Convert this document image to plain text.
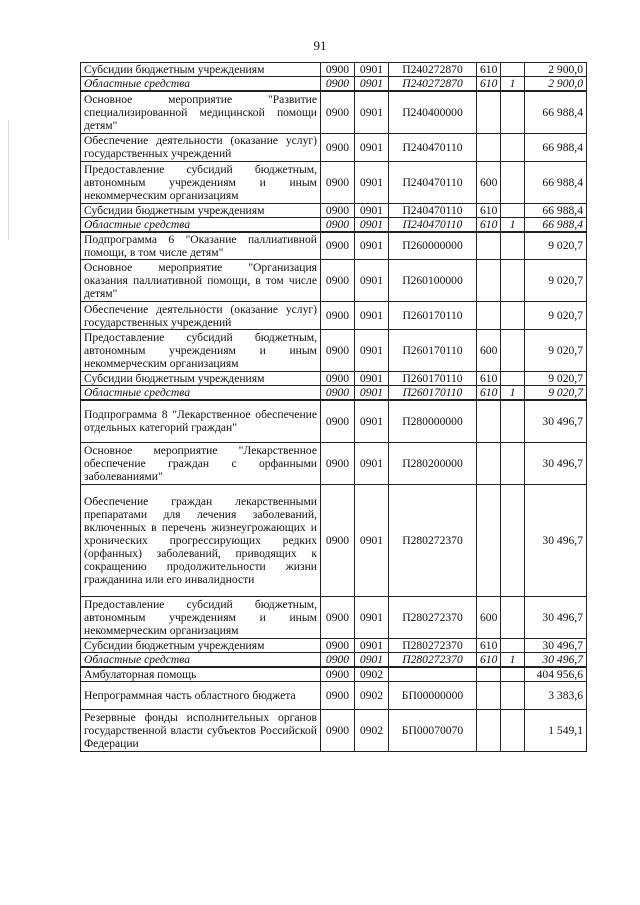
91
Субсидии бюджетным учреждениям	0900	0901	П240272870	610		2 900,0
Областные средства	0900	0901	П240272870	610	1	2 900,0
Основное мероприятие "Развитие специализированной медицинской помощи детям"	0900	0901	П240400000			66 988,4
Обеспечение деятельности (оказание услуг) государственных учреждений	0900	0901	П240470110			66 988,4
Предоставление субсидий бюджетным, автономным учреждениям и иным некоммерческим организациям	0900	0901	П240470110	600		66 988,4
Субсидии бюджетным учреждениям	0900	0901	П240470110	610		66 988,4
Областные средства	0900	0901	П240470110	610	1	66 988,4
Подпрограмма 6 "Оказание паллиативной помощи, в том числе детям"	0900	0901	П260000000			9 020,7
Основное мероприятие "Организация оказания паллиативной помощи, в том числе детям"	0900	0901	П260100000			9 020,7
Обеспечение деятельности (оказание услуг) государственных учреждений	0900	0901	П260170110			9 020,7
Предоставление субсидий бюджетным, автономным учреждениям и иным некоммерческим организациям	0900	0901	П260170110	600		9 020,7
Субсидии бюджетным учреждениям	0900	0901	П260170110	610		9 020,7
Областные средства	0900	0901	П260170110	610	1	9 020,7
Подпрограмма 8 "Лекарственное обеспечение отдельных категорий граждан"	0900	0901	П280000000			30 496,7
Основное мероприятие "Лекарственное обеспечение граждан с орфанными заболеваниями"	0900	0901	П280200000			30 496,7
Обеспечение граждан лекарственными препаратами для лечения заболеваний, включенных в перечень жизнеугрожающих и хронических прогрессирующих редких (орфанных) заболеваний, приводящих к сокращению продолжительности жизни гражданина или его инвалидности	0900	0901	П280272370			30 496,7
Предоставление субсидий бюджетным, автономным учреждениям и иным некоммерческим организациям	0900	0901	П280272370	600		30 496,7
Субсидии бюджетным учреждениям	0900	0901	П280272370	610		30 496,7
Областные средства	0900	0901	П280272370	610	1	30 496,7
Амбулаторная помощь	0900	0902				404 956,6
Непрограммная часть областного бюджета	0900	0902	БП00000000			3 383,6
Резервные фонды исполнительных органов государственной власти субъектов Российской Федерации	0900	0902	БП00070070			1 549,1
